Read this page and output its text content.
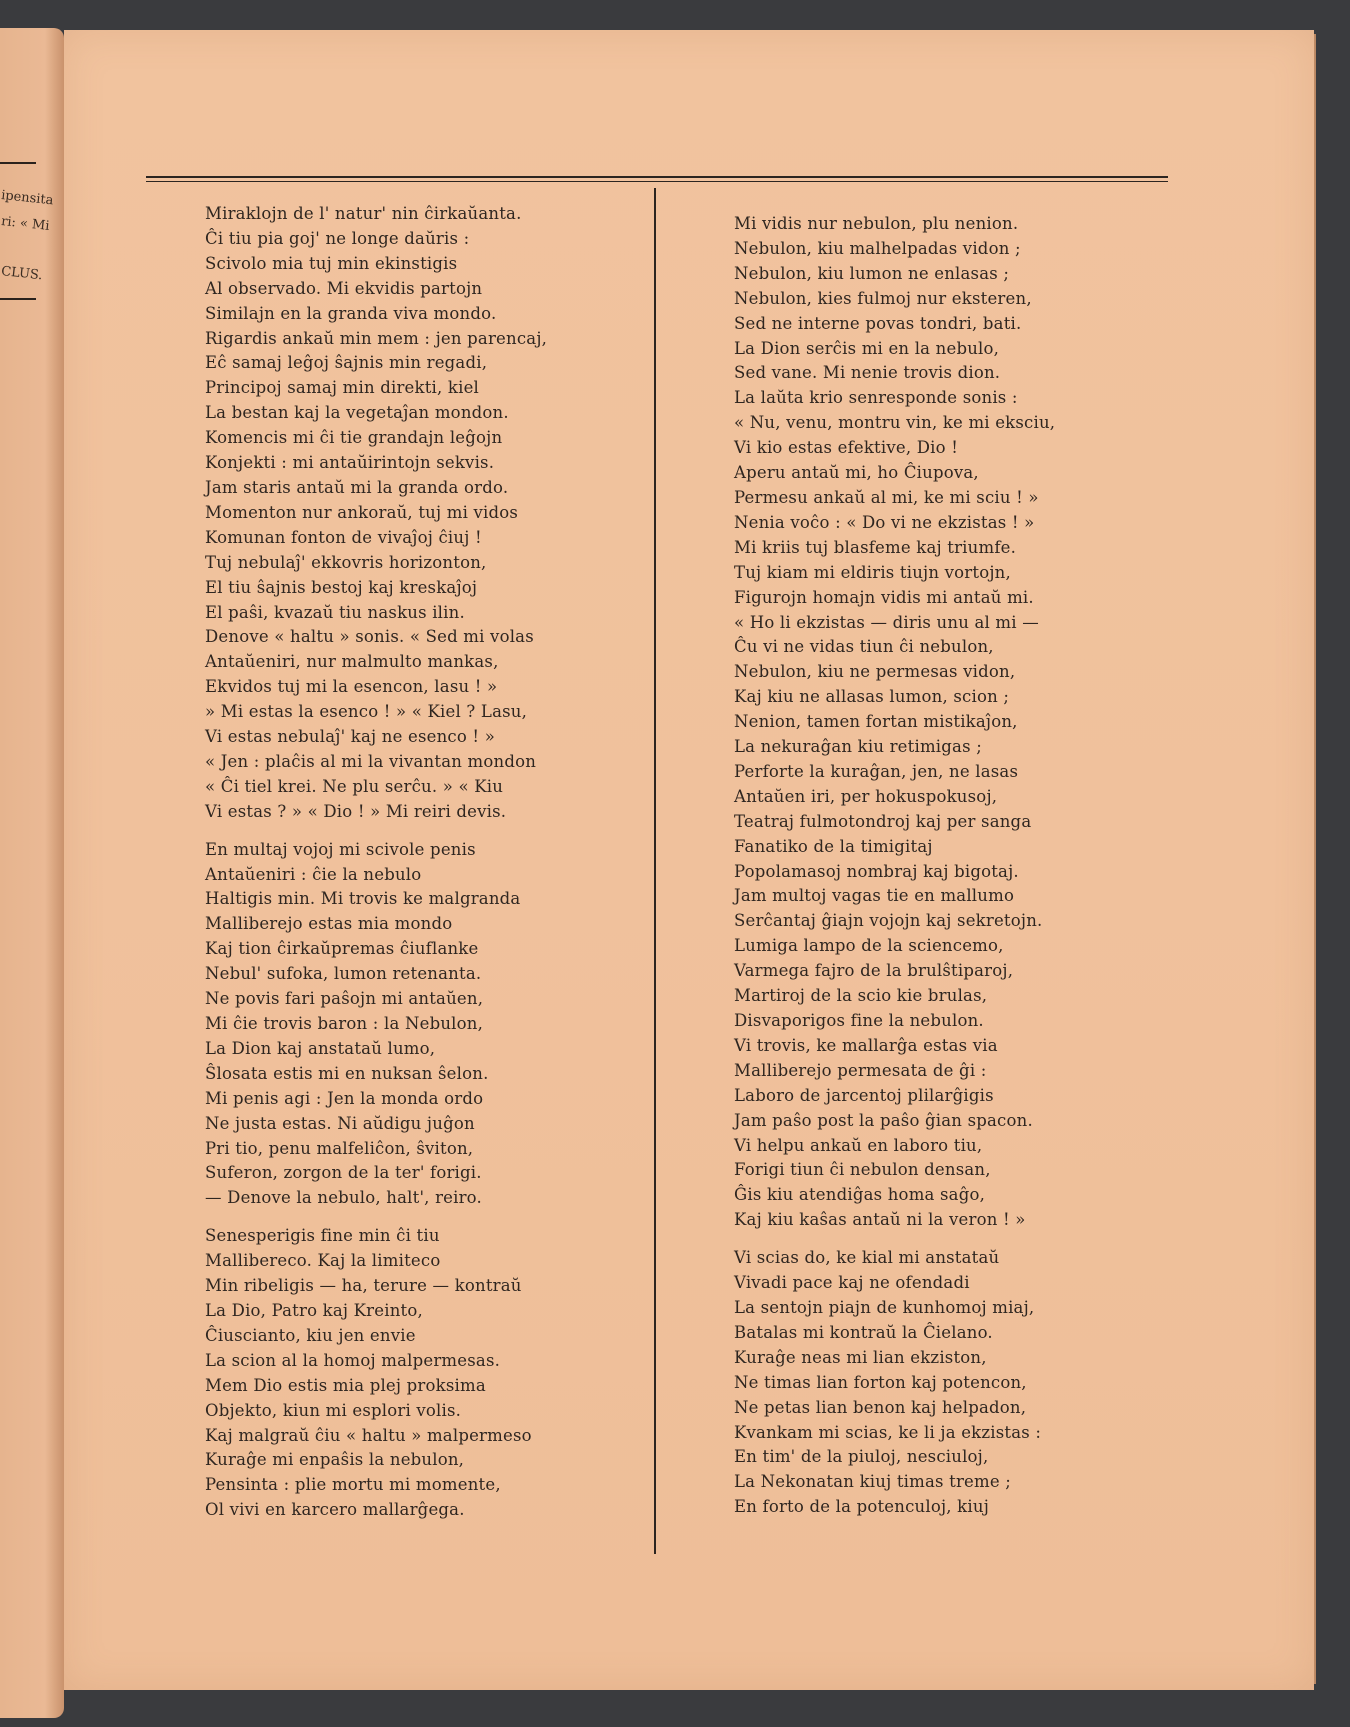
ipensita
ri: « Mi
CLUS.
Miraklojn de l' natur' nin ĉirkaŭanta.
Ĉi tiu pia goj' ne longe daŭris :
Scivolo mia tuj min ekinstigis
Al observado. Mi ekvidis partojn
Similajn en la granda viva mondo.
Rigardis ankaŭ min mem : jen parencaj,
Eĉ samaj leĝoj ŝajnis min regadi,
Principoj samaj min direkti, kiel
La bestan kaj la vegetaĵan mondon.
Komencis mi ĉi tie grandajn leĝojn
Konjekti : mi antaŭirintojn sekvis.
Jam staris antaŭ mi la granda ordo.
Momenton nur ankoraŭ, tuj mi vidos
Komunan fonton de vivaĵoj ĉiuj !
Tuj nebulaĵ' ekkovris horizonton,
El tiu ŝajnis bestoj kaj kreskaĵoj
El paŝi, kvazaŭ tiu naskus ilin.
Denove « haltu » sonis. « Sed mi volas
Antaŭeniri, nur malmulto mankas,
Ekvidos tuj mi la esencon, lasu ! »
» Mi estas la esenco ! » « Kiel ? Lasu,
Vi estas nebulaĵ' kaj ne esenco ! »
« Jen : plaĉis al mi la vivantan mondon
« Ĉi tiel krei. Ne plu serĉu. » « Kiu
Vi estas ? » « Dio ! » Mi reiri devis.
En multaj vojoj mi scivole penis
Antaŭeniri : ĉie la nebulo
Haltigis min. Mi trovis ke malgranda
Malliberejo estas mia mondo
Kaj tion ĉirkaŭpremas ĉiuflanke
Nebul' sufoka, lumon retenanta.
Ne povis fari paŝojn mi antaŭen,
Mi ĉie trovis baron : la Nebulon,
La Dion kaj anstataŭ lumo,
Ŝlosata estis mi en nuksan ŝelon.
Mi penis agi : Jen la monda ordo
Ne justa estas. Ni aŭdigu juĝon
Pri tio, penu malfeliĉon, ŝviton,
Suferon, zorgon de la ter' forigi.
— Denove la nebulo, halt', reiro.
Senesperigis fine min ĉi tiu
Mallibereco. Kaj la limiteco
Min ribeligis — ha, terure — kontraŭ
La Dio, Patro kaj Kreinto,
Ĉiuscianto, kiu jen envie
La scion al la homoj malpermesas.
Mem Dio estis mia plej proksima
Objekto, kiun mi esplori volis.
Kaj malgraŭ ĉiu « haltu » malpermeso
Kuraĝe mi enpaŝis la nebulon,
Pensinta : plie mortu mi momente,
Ol vivi en karcero mallarĝega.
Mi vidis nur nebulon, plu nenion.
Nebulon, kiu malhelpadas vidon ;
Nebulon, kiu lumon ne enlasas ;
Nebulon, kies fulmoj nur eksteren,
Sed ne interne povas tondri, bati.
La Dion serĉis mi en la nebulo,
Sed vane. Mi nenie trovis dion.
La laŭta krio senresponde sonis :
« Nu, venu, montru vin, ke mi eksciu,
Vi kio estas efektive, Dio !
Aperu antaŭ mi, ho Ĉiupova,
Permesu ankaŭ al mi, ke mi sciu ! »
Nenia voĉo : « Do vi ne ekzistas ! »
Mi kriis tuj blasfeme kaj triumfe.
Tuj kiam mi eldiris tiujn vortojn,
Figurojn homajn vidis mi antaŭ mi.
« Ho li ekzistas — diris unu al mi —
Ĉu vi ne vidas tiun ĉi nebulon,
Nebulon, kiu ne permesas vidon,
Kaj kiu ne allasas lumon, scion ;
Nenion, tamen fortan mistikaĵon,
La nekuraĝan kiu retimigas ;
Perforte la kuraĝan, jen, ne lasas
Antaŭen iri, per hokuspokusoj,
Teatraj fulmotondroj kaj per sanga
Fanatiko de la timigitaj
Popolamasoj nombraj kaj bigotaj.
Jam multoj vagas tie en mallumo
Serĉantaj ĝiajn vojojn kaj sekretojn.
Lumiga lampo de la sciencemo,
Varmega fajro de la brulŝtiparoj,
Martiroj de la scio kie brulas,
Disvaporigos fine la nebulon.
Vi trovis, ke mallarĝa estas via
Malliberejo permesata de ĝi :
Laboro de jarcentoj plilarĝigis
Jam paŝo post la paŝo ĝian spacon.
Vi helpu ankaŭ en laboro tiu,
Forigi tiun ĉi nebulon densan,
Ĝis kiu atendiĝas homa saĝo,
Kaj kiu kaŝas antaŭ ni la veron ! »
Vi scias do, ke kial mi anstataŭ
Vivadi pace kaj ne ofendadi
La sentojn piajn de kunhomoj miaj,
Batalas mi kontraŭ la Ĉielano.
Kuraĝe neas mi lian ekziston,
Ne timas lian forton kaj potencon,
Ne petas lian benon kaj helpadon,
Kvankam mi scias, ke li ja ekzistas :
En tim' de la piuloj, nesciuloj,
La Nekonatan kiuj timas treme ;
En forto de la potenculoj, kiuj
